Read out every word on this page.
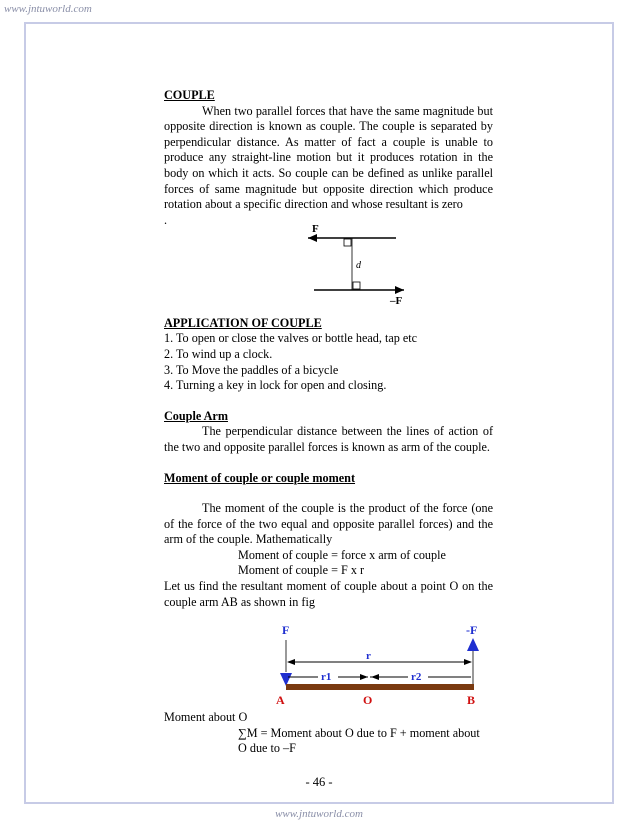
www.jntuworld.com

COUPLE

When two parallel forces that have the same magnitude but opposite direction is known as couple. The couple is separated by perpendicular distance. As matter of fact a couple is unable to produce any straight-line motion but it produces rotation in the body on which it acts. So couple can be defined as unlike parallel forces of same magnitude but opposite direction which produce rotation about a specific direction and whose resultant is zero

.

APPLICATION OF COUPLE

1. To open or close the valves or bottle head, tap etc
2. To wind up a clock.
3. To Move the paddles of a bicycle
4. Turning a key in lock for open and closing.

Couple Arm

The perpendicular distance between the lines of action of the two and opposite parallel forces is known as arm of the couple.

Moment of couple or couple moment

The moment of the couple is the product of the force (one of the force of the two equal and opposite parallel forces) and the arm of the couple. Mathematically

Moment of couple = force x arm of couple

Moment of couple = F x r

Let us find the resultant moment of couple about a point O on the couple arm AB as shown in fig

F
d
–F
F	-F
r
r1	r2
A	O	B

Moment about O

∑M = Moment about O due to F + moment about

O due to –F

- 46 -
www.jntuworld.com
